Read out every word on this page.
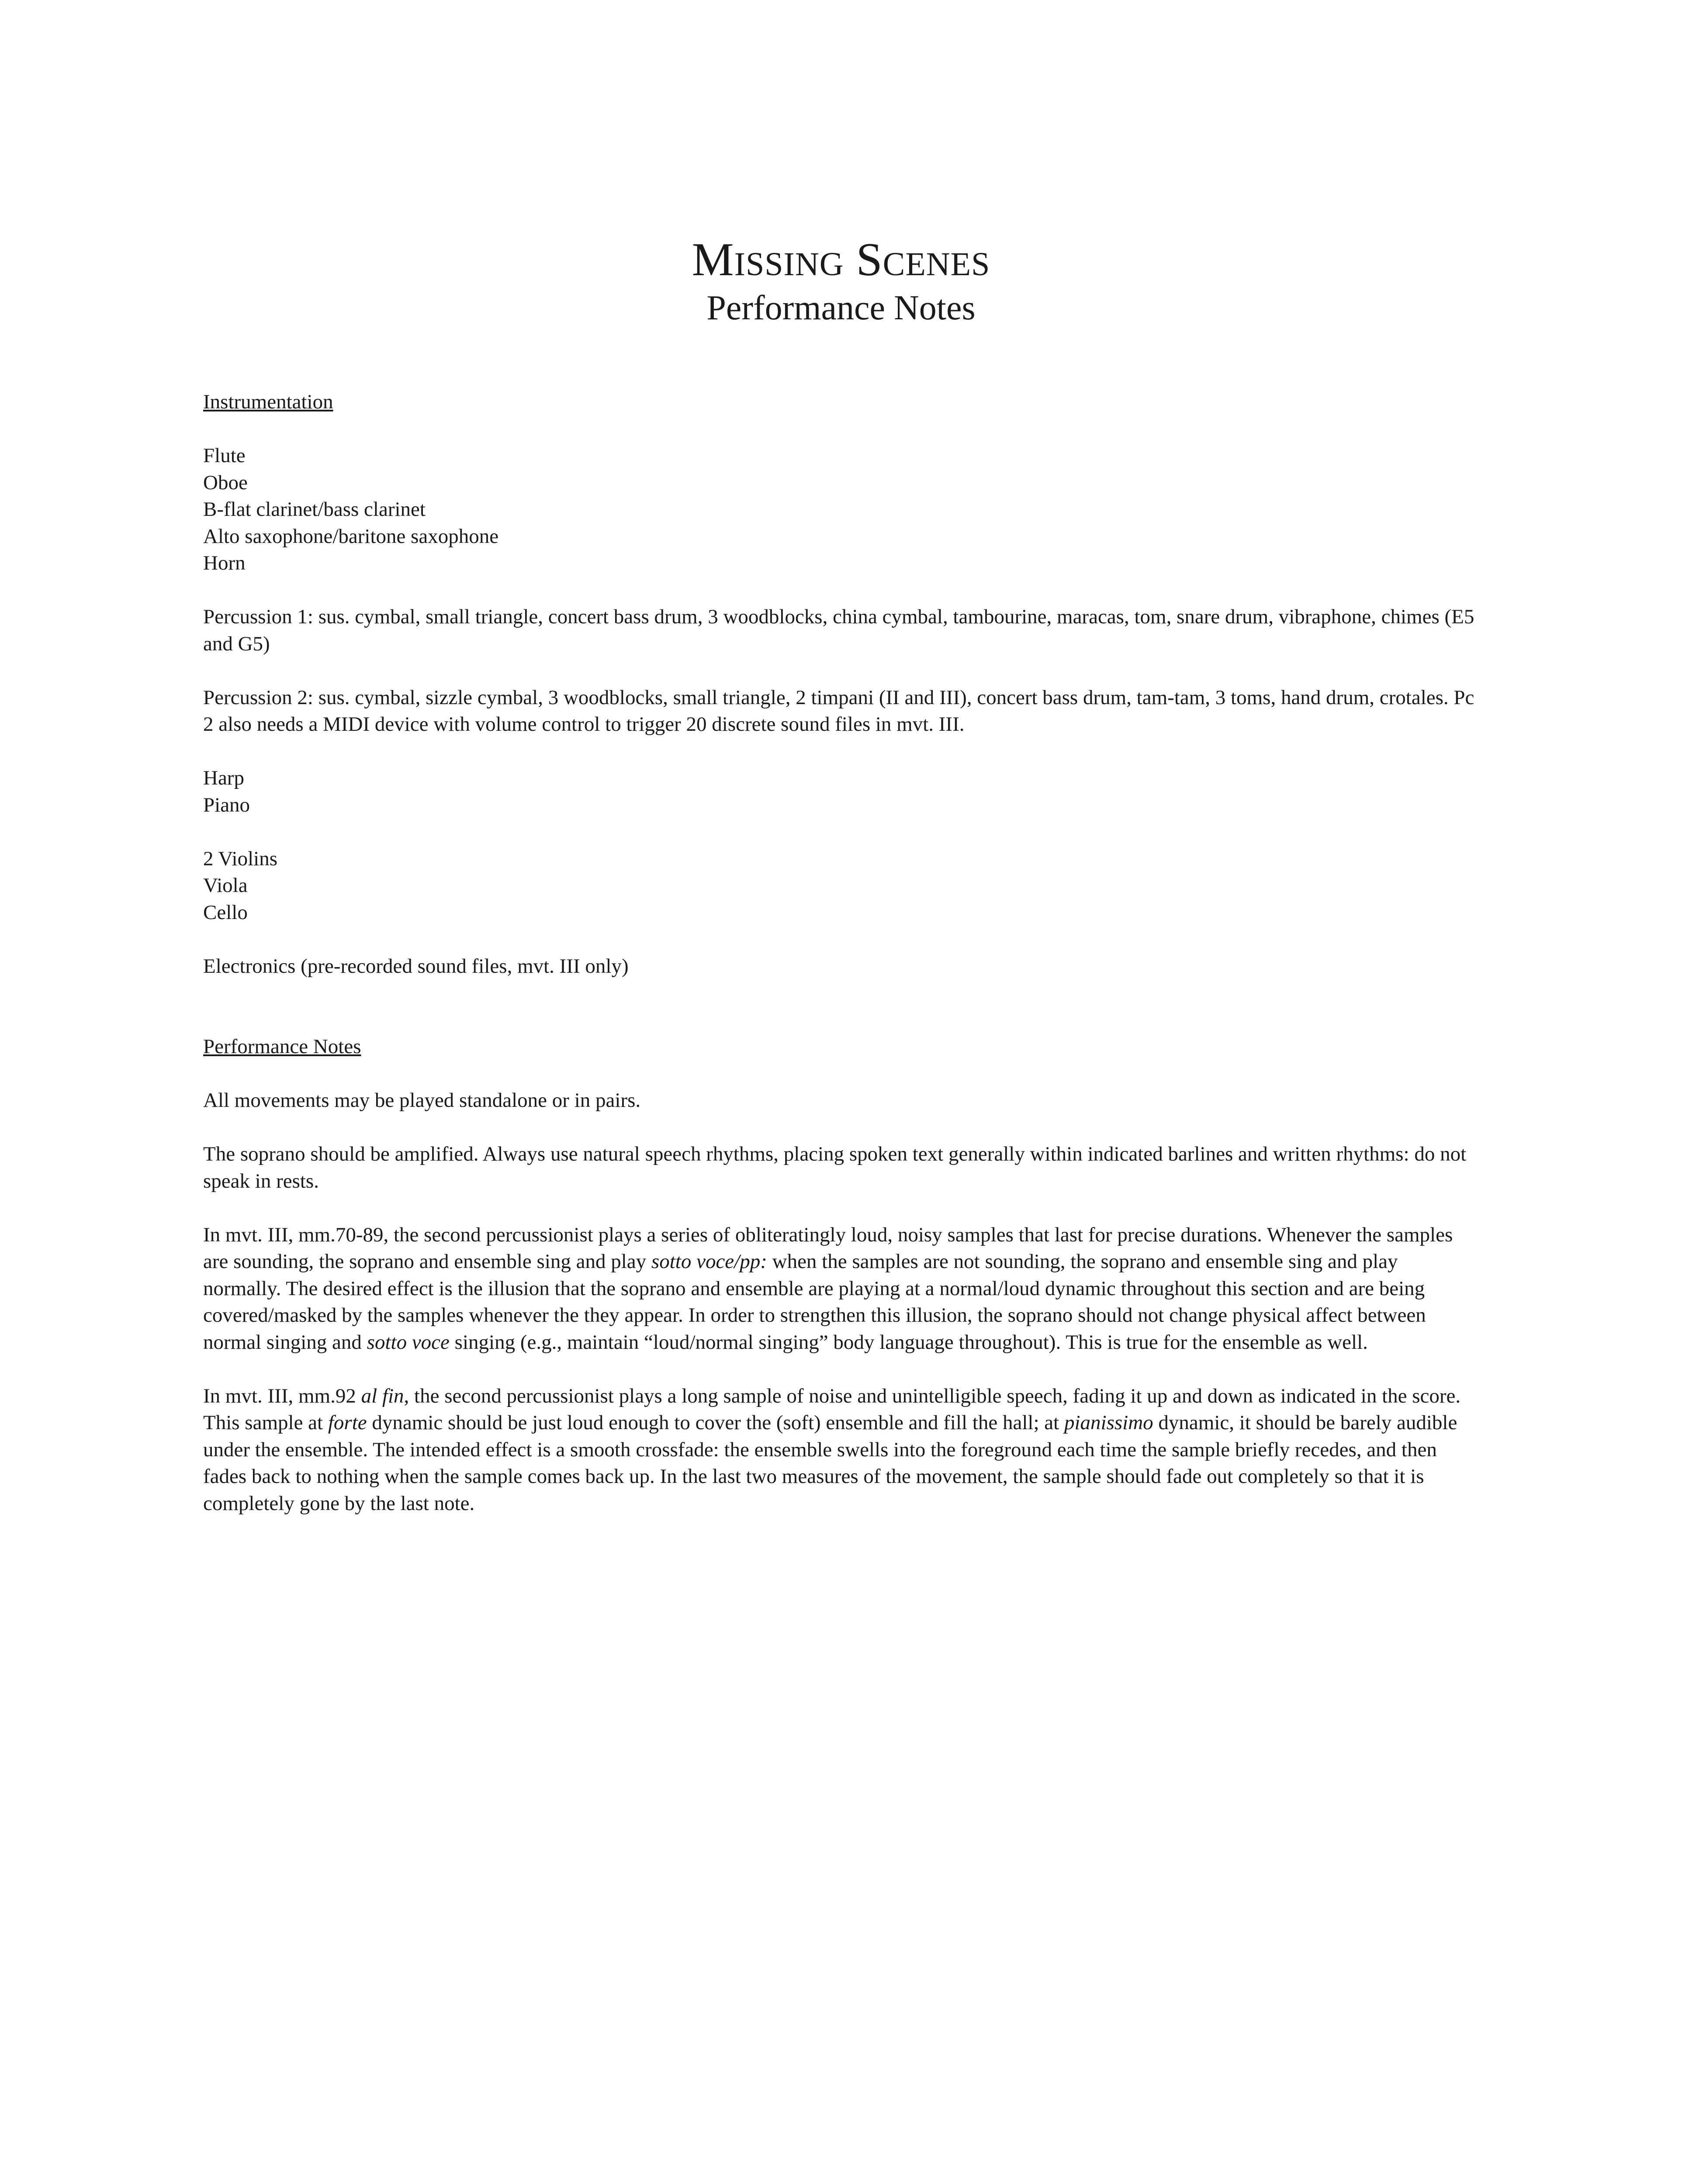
Missing Scenes
Performance Notes

Instrumentation

Flute
Oboe
B-flat clarinet/bass clarinet
Alto saxophone/baritone saxophone
Horn

Percussion 1: sus. cymbal, small triangle, concert bass drum, 3 woodblocks, china cymbal, tambourine, maracas, tom, snare drum, vibraphone, chimes (E5 and G5)

Percussion 2: sus. cymbal, sizzle cymbal, 3 woodblocks, small triangle, 2 timpani (II and III), concert bass drum, tam-tam, 3 toms, hand drum, crotales. Pc 2 also needs a MIDI device with volume control to trigger 20 discrete sound files in mvt. III.

Harp
Piano
2 Violins
Viola
Cello

Electronics (pre-recorded sound files, mvt. III only)

Performance Notes

All movements may be played standalone or in pairs.

The soprano should be amplified. Always use natural speech rhythms, placing spoken text generally within indicated barlines and written rhythms: do not speak in rests.

In mvt. III, mm.70-89, the second percussionist plays a series of obliteratingly loud, noisy samples that last for precise durations. Whenever the samples are sounding, the soprano and ensemble sing and play sotto voce/pp: when the samples are not sounding, the soprano and ensemble sing and play normally. The desired effect is the illusion that the soprano and ensemble are playing at a normal/loud dynamic throughout this section and are being covered/masked by the samples whenever the they appear. In order to strengthen this illusion, the soprano should not change physical affect between normal singing and sotto voce singing (e.g., maintain “loud/normal singing” body language throughout). This is true for the ensemble as well.

In mvt. III, mm.92 al fin, the second percussionist plays a long sample of noise and unintelligible speech, fading it up and down as indicated in the score. This sample at forte dynamic should be just loud enough to cover the (soft) ensemble and fill the hall; at pianissimo dynamic, it should be barely audible under the ensemble. The intended effect is a smooth crossfade: the ensemble swells into the foreground each time the sample briefly recedes, and then fades back to nothing when the sample comes back up. In the last two measures of the movement, the sample should fade out completely so that it is completely gone by the last note.
